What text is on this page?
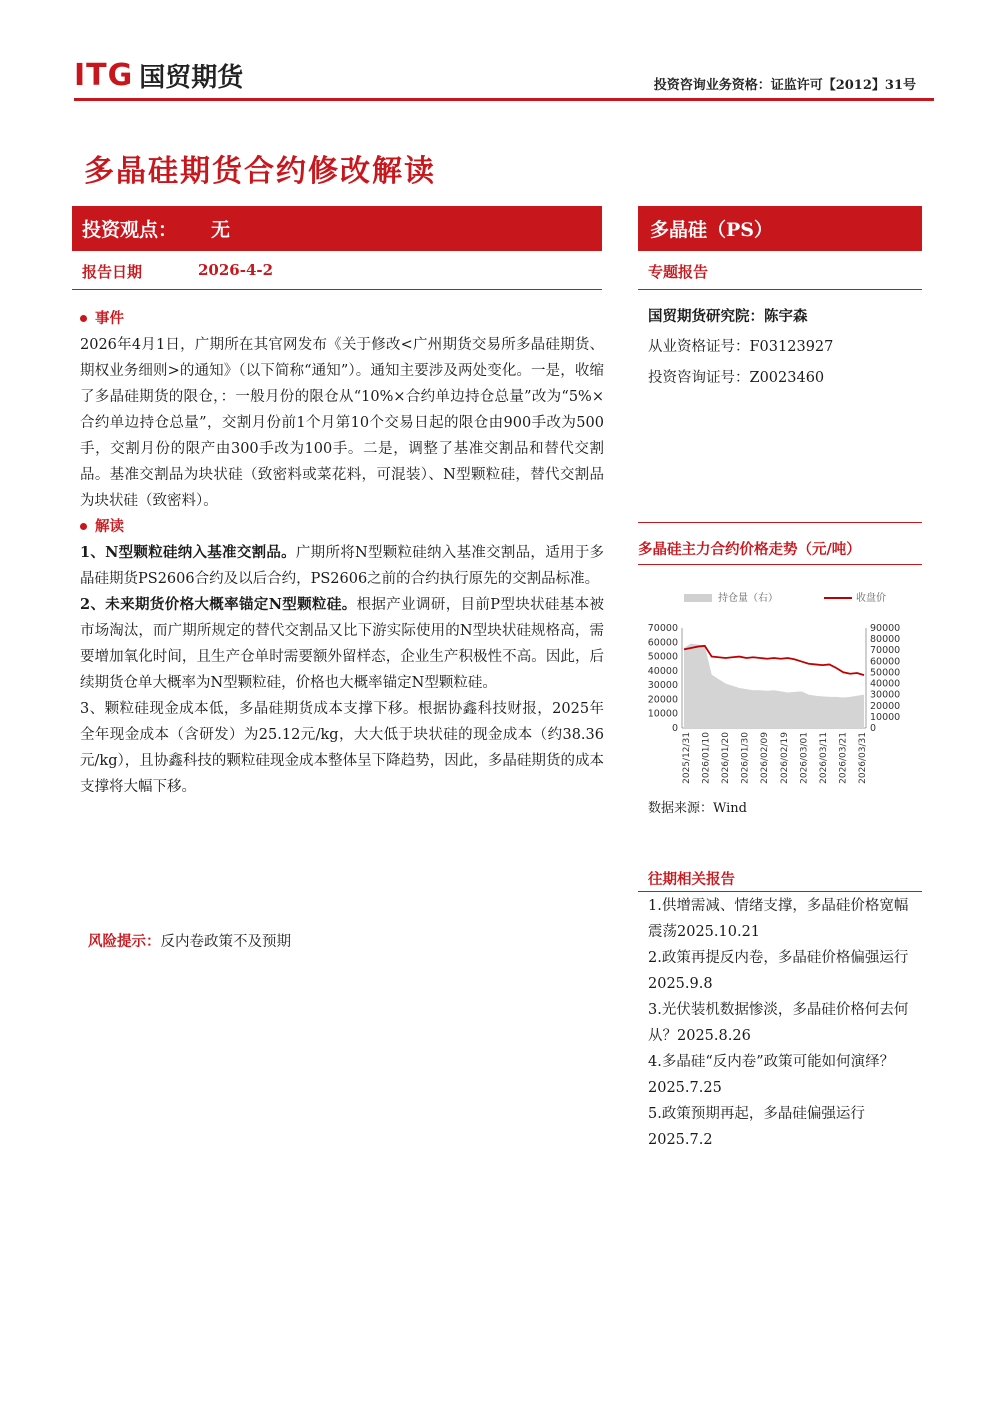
ITG 国贸期货	投资咨询业务资格：证监许可【2012】31号
多晶硅期货合约修改解读
投资观点： 无	多晶硅（PS）
报告日期	2026-4-2	专题报告
国贸期货研究院：陈宇森
从业资格证号：F03123927
投资咨询证号：Z0023460
事件
2026年4月1日，广期所在其官网发布《关于修改<广州期货交易所多晶硅期货、期权业务细则>的通知》（以下简称“通知”）。通知主要涉及两处变化。一是，收缩了多晶硅期货的限仓，：一般月份的限仓从“10%×合约单边持仓总量”改为“5%×合约单边持仓总量”，交割月份前1个月第10个交易日起的限仓由900手改为500手，交割月份的限产由300手改为100手。二是，调整了基准交割品和替代交割品。基准交割品为块状硅（致密料或菜花料，可混装）、N型颗粒硅，替代交割品为块状硅（致密料）。
解读
1、N型颗粒硅纳入基准交割品。广期所将N型颗粒硅纳入基准交割品，适用于多晶硅期货PS2606合约及以后合约，PS2606之前的合约执行原先的交割品标准。
2、未来期货价格大概率锚定N型颗粒硅。根据产业调研，目前P型块状硅基本被市场淘汰，而广期所规定的替代交割品又比下游实际使用的N型块状硅规格高，需要增加氧化时间，且生产仓单时需要额外留样态，企业生产积极性不高。因此，后续期货仓单大概率为N型颗粒硅，价格也大概率锚定N型颗粒硅。
3、颗粒硅现金成本低，多晶硅期货成本支撑下移。根据协鑫科技财报，2025年全年现金成本（含研发）为25.12元/kg，大大低于块状硅的现金成本（约38.36元/kg），且协鑫科技的颗粒硅现金成本整体呈下降趋势，因此，多晶硅期货的成本支撑将大幅下移。
风险提示：反内卷政策不及预期
多晶硅主力合约价格走势（元/吨）
持仓量（右）	收盘价
0
10000
20000
30000
40000
50000
60000
70000
0
10000
20000
30000
40000
50000
60000
70000
80000
90000
2025/12/31 2026/01/10 2026/01/20 2026/01/30 2026/02/09 2026/02/19 2026/03/01 2026/03/11 2026/03/21 2026/03/31
数据来源：Wind
往期相关报告
1.供增需减、情绪支撑，多晶硅价格宽幅震荡2025.10.21
2.政策再提反内卷，多晶硅价格偏强运行2025.9.8
3.光伏装机数据惨淡，多晶硅价格何去何从？2025.8.26
4.多晶硅“反内卷”政策可能如何演绎？2025.7.25
5.政策预期再起，多晶硅偏强运行2025.7.2
